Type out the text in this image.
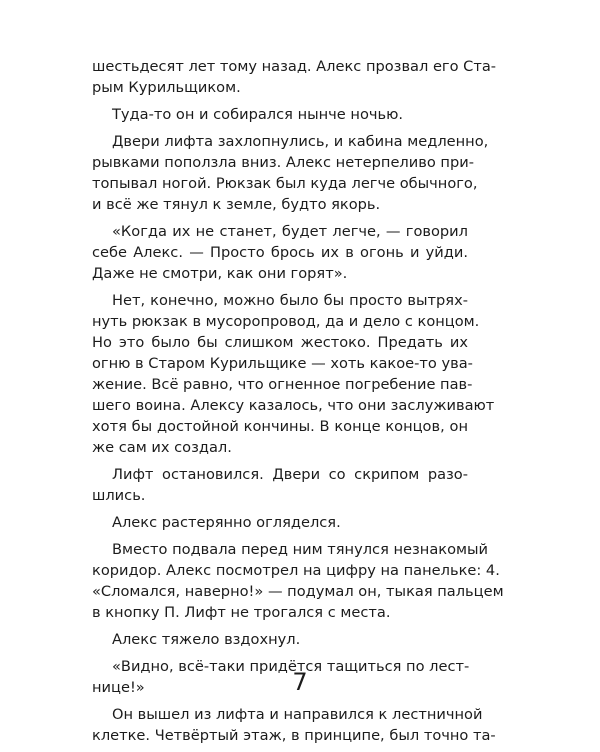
шестьдесят лет тому назад. Алекс прозвал его Ста-
рым Курильщиком.
Туда-то он и собирался нынче ночью.
Двери лифта захлопнулись, и кабина медленно,
рывками поползла вниз. Алекс нетерпеливо при-
топывал ногой. Рюкзак был куда легче обычного,
и всё же тянул к земле, будто якорь.
«Когда их не станет, будет легче, — говорил
себе Алекс. — Просто брось их в огонь и уйди.
Даже не смотри, как они горят».
Нет, конечно, можно было бы просто вытрях-
нуть рюкзак в мусоропровод, да и дело с концом.
Но это было бы слишком жестоко. Предать их
огню в Старом Курильщике — хоть какое-то ува-
жение. Всё равно, что огненное погребение пав-
шего воина. Алексу казалось, что они заслуживают
хотя бы достойной кончины. В конце концов, он
же сам их создал.
Лифт остановился. Двери со скрипом разо-
шлись.
Алекс растерянно огляделся.
Вместо подвала перед ним тянулся незнакомый
коридор. Алекс посмотрел на цифру на панельке: 4.
«Сломался, наверно!» — подумал он, тыкая пальцем
в кнопку П. Лифт не трогался с места.
Алекс тяжело вздохнул.
«Видно, всё-таки придётся тащиться по лест-
нице!»
Он вышел из лифта и направился к лестничной
клетке. Четвёртый этаж, в принципе, был точно та-
7
